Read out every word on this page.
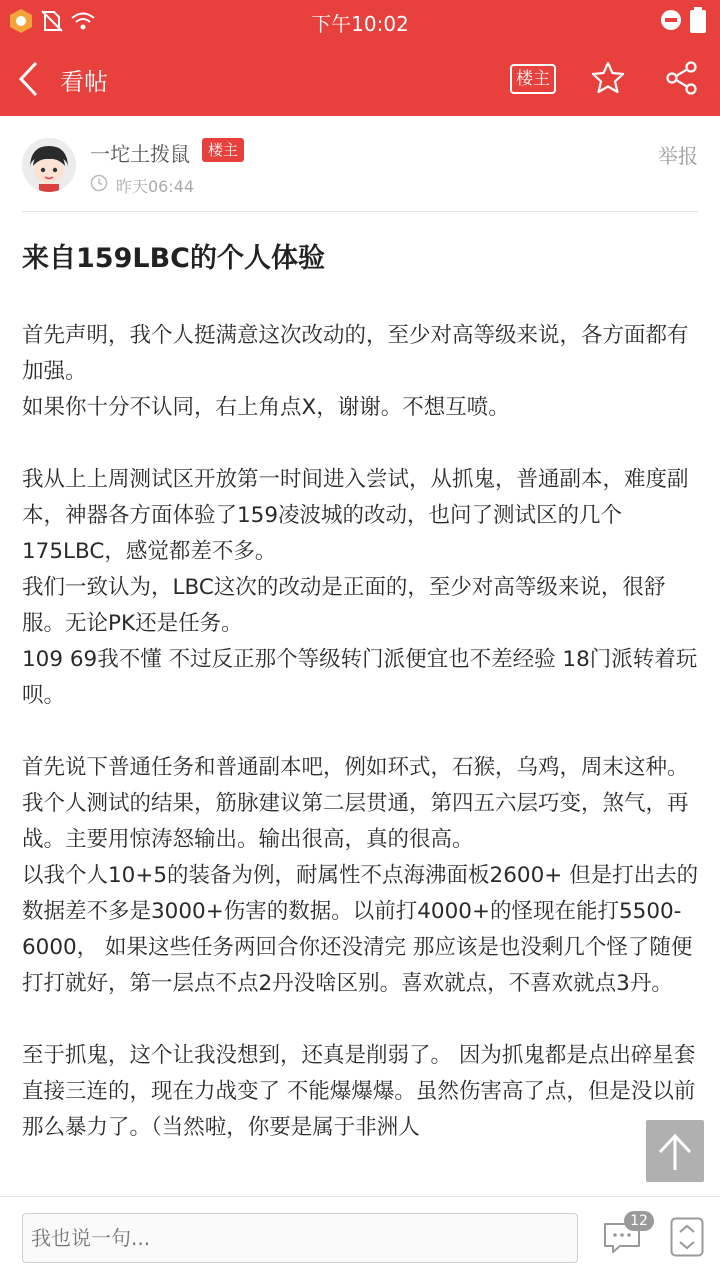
下午10:02
看帖	楼主
一坨土拨鼠	楼主
昨天06:44
举报
来自159LBC的个人体验

首先声明，我个人挺满意这次改动的，至少对高等级来说，各方面都有加强。
如果你十分不认同，右上角点X，谢谢。不想互喷。

我从上上周测试区开放第一时间进入尝试，从抓鬼，普通副本，难度副本，神器各方面体验了159凌波城的改动，也问了测试区的几个175LBC，感觉都差不多。
我们一致认为，LBC这次的改动是正面的，至少对高等级来说，很舒服。无论PK还是任务。
109 69我不懂 不过反正那个等级转门派便宜也不差经验 18门派转着玩呗。

首先说下普通任务和普通副本吧，例如环式，石猴，乌鸡，周末这种。
我个人测试的结果，筋脉建议第二层贯通，第四五六层巧变，煞气，再战。主要用惊涛怒输出。输出很高，真的很高。
以我个人10+5的装备为例，耐属性不点海沸面板2600+ 但是打出去的数据差不多是3000+伤害的数据。以前打4000+的怪现在能打5500-6000， 如果这些任务两回合你还没清完 那应该是也没剩几个怪了随便打打就好，第一层点不点2丹没啥区别。喜欢就点，不喜欢就点3丹。

至于抓鬼，这个让我没想到，还真是削弱了。 因为抓鬼都是点出碎星套直接三连的，现在力战变了 不能爆爆爆。虽然伤害高了点，但是没以前那么暴力了。（当然啦，你要是属于非洲人

我也说一句...
12
